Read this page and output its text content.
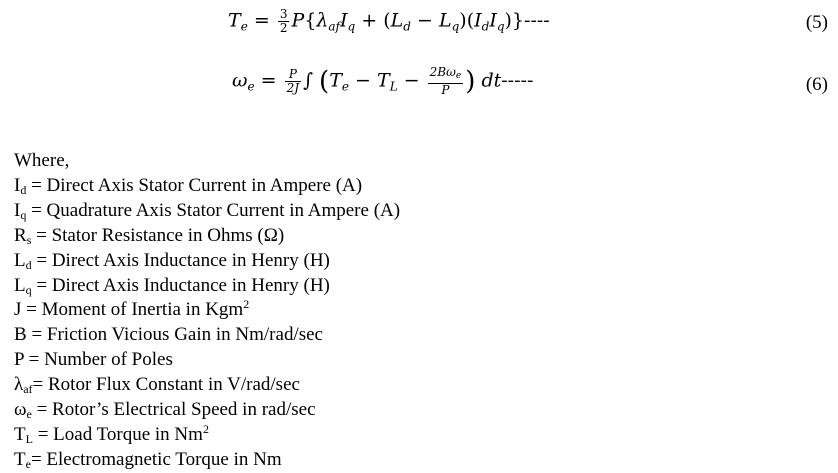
$T_e = \frac{3}{2} P\{\lambda_{af}I_q + (L_d - L_q)(I_dI_q)\}----$	(5)
$\omega_e = \frac{P}{2J}$ ∫ ($T_e - T_L - \frac{\text{2Bωe}}{P}$ ) dt-----	(6)
Where,
$I_d$ = Direct Axis Stator Current in Ampere (A)
$I_q$ = Quadrature Axis Stator Current in Ampere (A)
$R_s$ = Stator Resistance in Ohms (Ω)
$L_d$ = Direct Axis Inductance in Henry (H)
$L_q$ = Direct Axis Inductance in Henry (H)
J = Moment of Inertia in Kgm$^2$
B = Friction Vicious Gain in Nm/rad/sec
P = Number of Poles
$\lambda_{af}=$ Rotor Flux Constant in V/rad/sec
$\omega_e$ = Rotor’s Electrical Speed in rad/sec
$T_L$ = Load Torque in Nm$^2$
$T_e=$ Electromagnetic Torque in Nm
